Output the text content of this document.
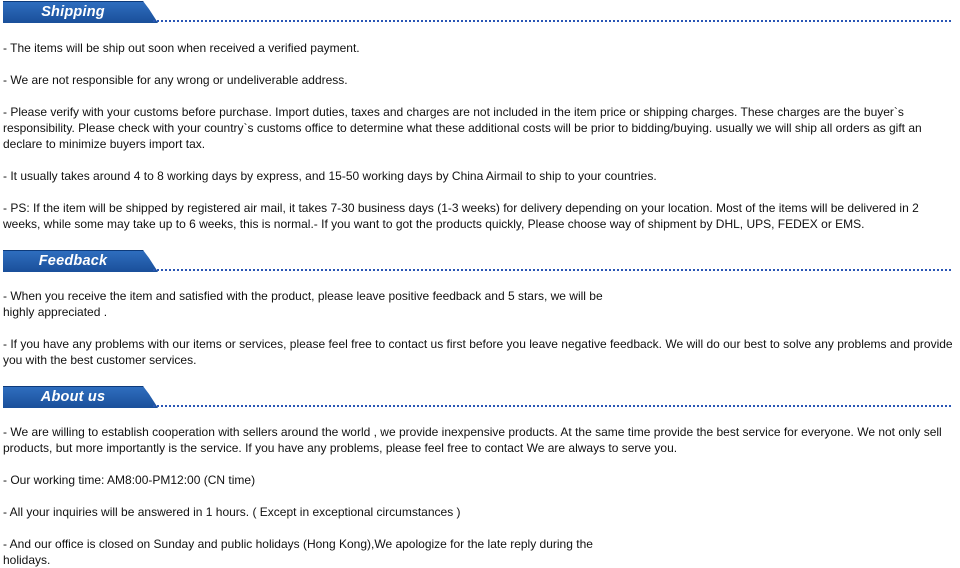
Shipping

- The items will be ship out soon when received a verified payment.

- We are not responsible for any wrong or undeliverable address.

- Please verify with your customs before purchase. Import duties, taxes and charges are not included in the item price or shipping charges. These charges are the buyer`s responsibility. Please check with your country`s customs office to determine what these additional costs will be prior to bidding/buying. usually we will ship all orders as gift an declare to minimize buyers import tax.

- It usually takes around 4 to 8 working days by express, and 15-50 working days by China Airmail to ship to your countries.

- PS: If the item will be shipped by registered air mail, it takes 7-30 business days (1-3 weeks) for delivery depending on your location. Most of the items will be delivered in 2 weeks, while some may take up to 6 weeks, this is normal.- If you want to got the products quickly, Please choose way of shipment by DHL, UPS, FEDEX or EMS.

Feedback

- When you receive the item and satisfied with the product, please leave positive feedback and 5 stars, we will be highly appreciated .

- If you have any problems with our items or services, please feel free to contact us first before you leave negative feedback. We will do our best to solve any problems and provide you with the best customer services.

About us

- We are willing to establish cooperation with sellers around the world , we provide inexpensive products. At the same time provide the best service for everyone. We not only sell products, but more importantly is the service. If you have any problems, please feel free to contact We are always to serve you.

- Our working time: AM8:00-PM12:00 (CN time)

- All your inquiries will be answered in 1 hours. ( Except in exceptional circumstances )

- And our office is closed on Sunday and public holidays (Hong Kong),We apologize for the late reply during the holidays.
